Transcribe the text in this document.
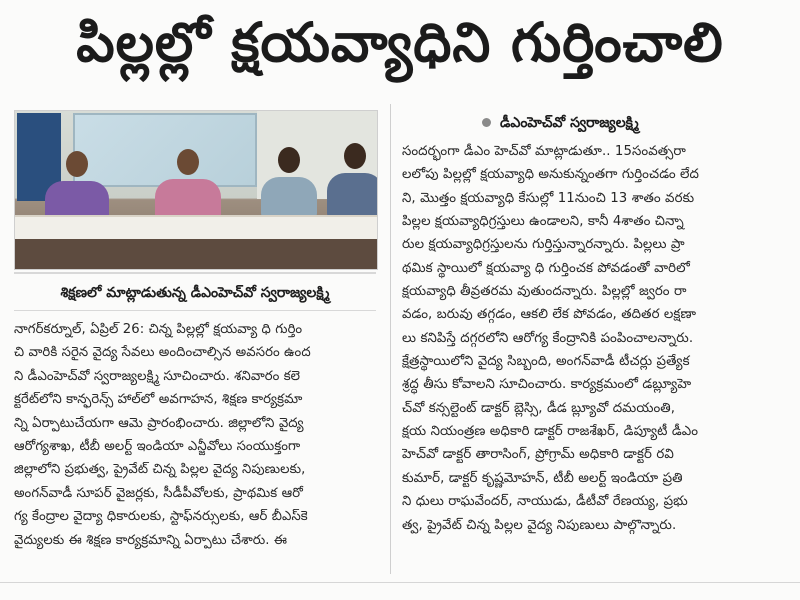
పిల్లల్లో క్షయవ్యాధిని గుర్తించాలి
శిక్షణలో మాట్లాడుతున్న డీఎంహెచ్‌వో స్వరాజ్యలక్ష్మి
నాగర్‌కర్నూల్, ఏప్రిల్ 26: చిన్న పిల్లల్లో క్షయవ్యా ధి గుర్తిం
చి వారికి సరైన వైద్య సేవలు అందించాల్సిన అవసరం ఉంద
ని డీఎంహెచ్‌వో స్వరాజ్యలక్ష్మి సూచించారు. శనివారం కలె
క్టరేట్‌లోని కాన్ఫరెన్స్ హాల్‌లో అవగాహన, శిక్షణ కార్యక్రమా
న్ని ఏర్పాటుచేయగా ఆమె ప్రారంభించారు. జిల్లాలోని వైద్య
ఆరోగ్యశాఖ, టీబీ అలర్ట్ ఇండియా ఎన్జీవోలు సంయుక్తంగా
జిల్లాలోని ప్రభుత్వ, ప్రైవేట్ చిన్న పిల్లల వైద్య నిపుణులకు,
అంగన్‌వాడీ సూపర్ వైజర్లకు, సీడీపీవోలకు, ప్రాథమిక ఆరో
గ్య కేంద్రాల వైద్యా ధికారులకు, స్టాఫ్‌నర్సులకు, ఆర్ బీఎస్‌కె
వైద్యులకు ఈ శిక్షణ కార్యక్రమాన్ని ఏర్పాటు చేశారు. ఈ
డీఎంహెచ్‌వో స్వరాజ్యలక్ష్మి
సందర్భంగా డీఎం హెచ్‌వో మాట్లాడుతూ.. 15సంవత్సరా
లలోపు పిల్లల్లో క్షయవ్యాధి అనుకున్నంతగా గుర్తించడం లేద
ని, మొత్తం క్షయవ్యాధి కేసుల్లో 11నుంచి 13 శాతం వరకు
పిల్లల క్షయవ్యాధిగ్రస్తులు ఉండాలని, కానీ 4శాతం చిన్నా
రుల క్షయవ్యాధిగ్రస్తులను గుర్తిస్తున్నారన్నారు. పిల్లలు ప్రా
థమిక స్థాయిలో క్షయవ్యా ధి గుర్తించక పోవడంతో వారిలో
క్షయవ్యాధి తీవ్రతరమ వుతుందన్నారు. పిల్లల్లో జ్వరం రా
వడం, బరువు తగ్గడం, ఆకలి లేక పోవడం, తదితర లక్షణా
లు కనిపిస్తే దగ్గరలోని ఆరోగ్య కేంద్రానికి పంపించాలన్నారు.
క్షేత్రస్థాయిలోని వైద్య సిబ్బంది, అంగన్‌వాడీ టీచర్లు ప్రత్యేక
శ్రద్ధ తీసు కోవాలని సూచించారు. కార్యక్రమంలో డబ్ల్యూహె
చ్‌వో కన్సల్టెంట్ డాక్టర్ బ్లెస్సి, డీడ బ్ల్యూవో దమయంతి,
క్షయ నియంత్రణ అధికారి డాక్టర్ రాజశేఖర్, డిప్యూటీ డీఎం
హెచ్‌వో డాక్టర్ తారాసింగ్, ప్రోగ్రామ్ అధికారి డాక్టర్ రవి
కుమార్, డాక్టర్ కృష్ణమోహన్, టీబీ అలర్ట్ ఇండియా ప్రతి
ని ధులు రాఘవేందర్, నాయుడు, డీటీవో రేణయ్య, ప్రభు
త్వ, ప్రైవేట్ చిన్న పిల్లల వైద్య నిపుణులు పాల్గొన్నారు.
